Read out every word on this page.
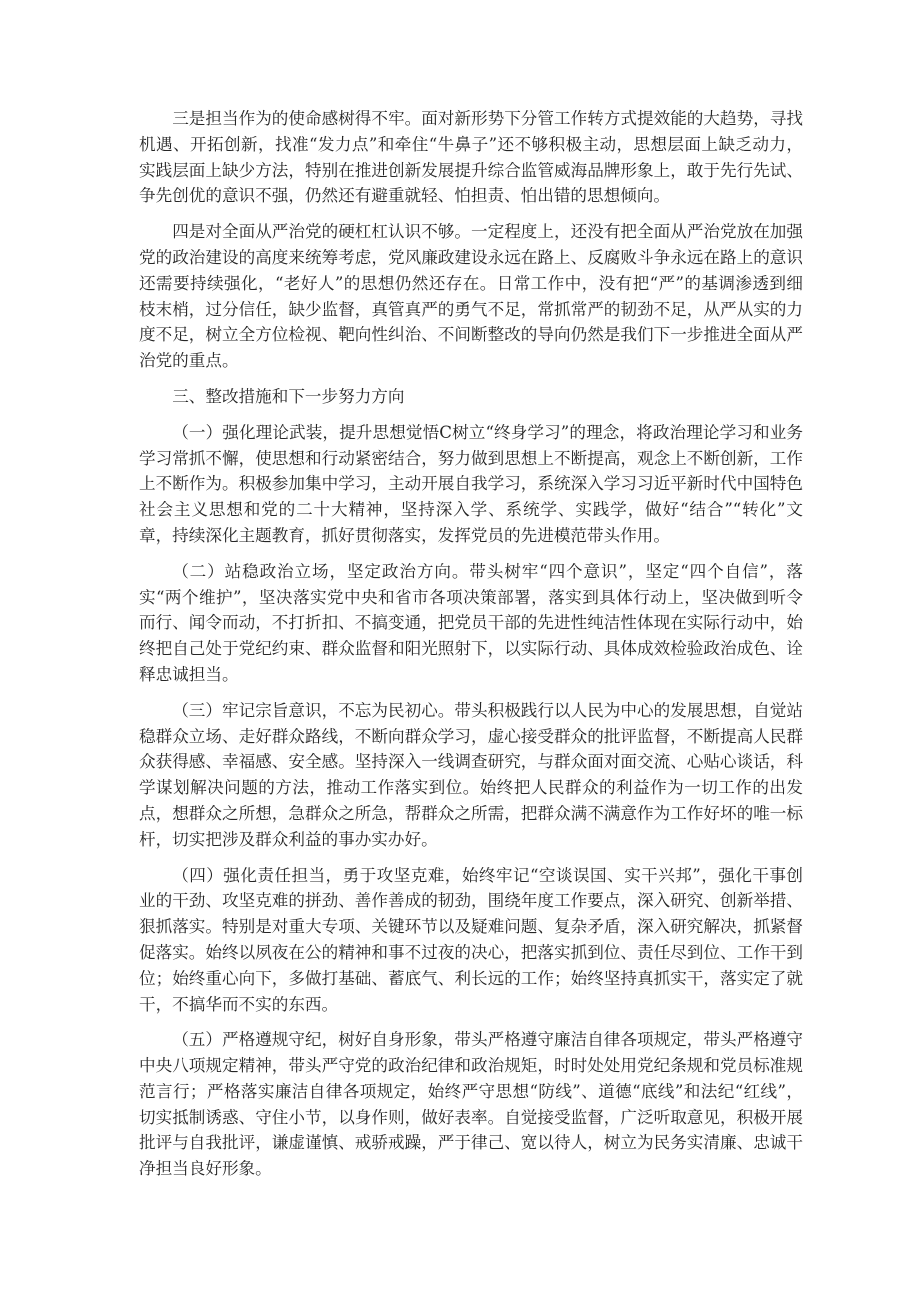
三是担当作为的使命感树得不牢。面对新形势下分管工作转方式提效能的大趋势，寻找机遇、开拓创新，找准“发力点”和牵住“牛鼻子”还不够积极主动，思想层面上缺乏动力，实践层面上缺少方法，特别在推进创新发展提升综合监管威海品牌形象上，敢于先行先试、争先创优的意识不强，仍然还有避重就轻、怕担责、怕出错的思想倾向。

四是对全面从严治党的硬杠杠认识不够。一定程度上，还没有把全面从严治党放在加强党的政治建设的高度来统筹考虑，党风廉政建设永远在路上、反腐败斗争永远在路上的意识还需要持续强化，“老好人”的思想仍然还存在。日常工作中，没有把“严”的基调渗透到细枝末梢，过分信任，缺少监督，真管真严的勇气不足，常抓常严的韧劲不足，从严从实的力度不足，树立全方位检视、靶向性纠治、不间断整改的导向仍然是我们下一步推进全面从严治党的重点。

三、整改措施和下一步努力方向

（一）强化理论武装，提升思想觉悟C树立“终身学习”的理念，将政治理论学习和业务学习常抓不懈，使思想和行动紧密结合，努力做到思想上不断提高，观念上不断创新，工作上不断作为。积极参加集中学习，主动开展自我学习，系统深入学习习近平新时代中国特色社会主义思想和党的二十大精神，坚持深入学、系统学、实践学，做好“结合”“转化”文章，持续深化主题教育，抓好贯彻落实，发挥党员的先进模范带头作用。

（二）站稳政治立场，坚定政治方向。带头树牢“四个意识”，坚定“四个自信”，落实“两个维护”，坚决落实党中央和省市各项决策部署，落实到具体行动上，坚决做到听令而行、闻令而动，不打折扣、不搞变通，把党员干部的先进性纯洁性体现在实际行动中，始终把自己处于党纪约束、群众监督和阳光照射下，以实际行动、具体成效检验政治成色、诠释忠诚担当。

（三）牢记宗旨意识，不忘为民初心。带头积极践行以人民为中心的发展思想，自觉站稳群众立场、走好群众路线，不断向群众学习，虚心接受群众的批评监督，不断提高人民群众获得感、幸福感、安全感。坚持深入一线调查研究，与群众面对面交流、心贴心谈话，科学谋划解决问题的方法，推动工作落实到位。始终把人民群众的利益作为一切工作的出发点，想群众之所想，急群众之所急，帮群众之所需，把群众满不满意作为工作好坏的唯一标杆，切实把涉及群众利益的事办实办好。

（四）强化责任担当，勇于攻坚克难，始终牢记“空谈误国、实干兴邦”，强化干事创业的干劲、攻坚克难的拼劲、善作善成的韧劲，围绕年度工作要点，深入研究、创新举措、狠抓落实。特别是对重大专项、关键环节以及疑难问题、复杂矛盾，深入研究解决，抓紧督促落实。始终以夙夜在公的精神和事不过夜的决心，把落实抓到位、责任尽到位、工作干到位；始终重心向下，多做打基础、蓄底气、利长远的工作；始终坚持真抓实干，落实定了就干，不搞华而不实的东西。

（五）严格遵规守纪，树好自身形象，带头严格遵守廉洁自律各项规定，带头严格遵守中央八项规定精神，带头严守党的政治纪律和政治规矩，时时处处用党纪条规和党员标准规范言行；严格落实廉洁自律各项规定，始终严守思想“防线”、道德“底线”和法纪“红线”，切实抵制诱惑、守住小节，以身作则，做好表率。自觉接受监督，广泛听取意见，积极开展批评与自我批评，谦虚谨慎、戒骄戒躁，严于律己、宽以待人，树立为民务实清廉、忠诚干净担当良好形象。
